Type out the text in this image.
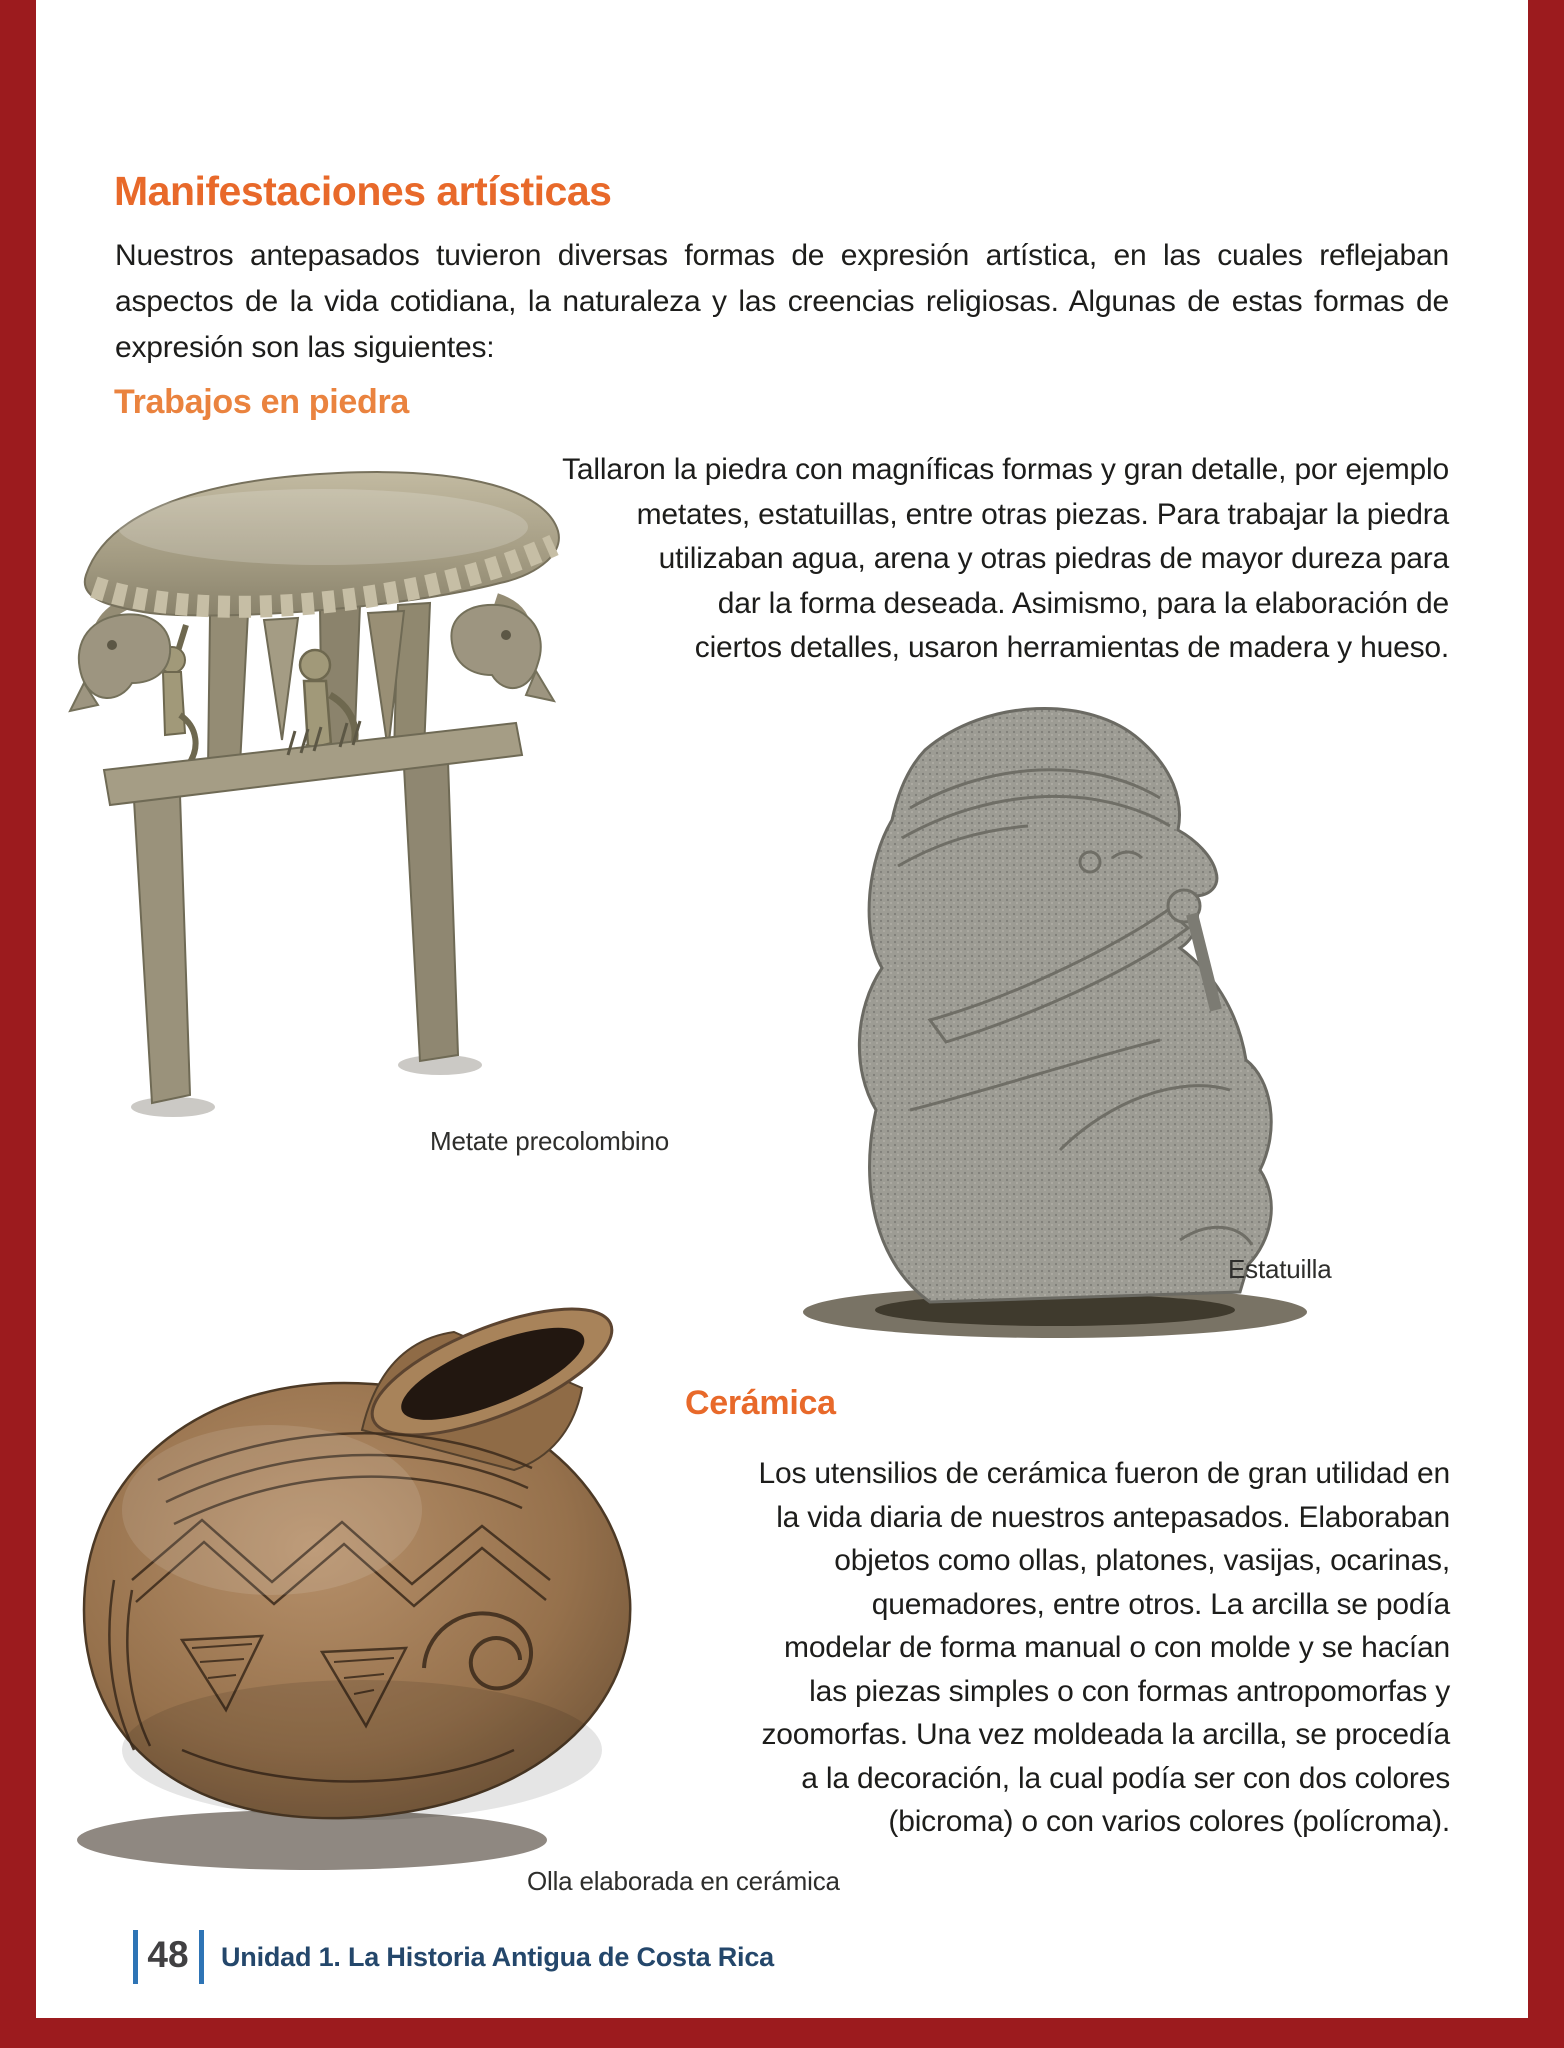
Manifestaciones artísticas
Nuestros antepasados tuvieron diversas formas de expresión artística, en las cuales reflejaban
aspectos de la vida cotidiana, la naturaleza y las creencias religiosas. Algunas de estas formas de
expresión son las siguientes:
Trabajos en piedra
Tallaron la piedra con magníficas formas y gran detalle, por ejemplo
metates, estatuillas, entre otras piezas. Para trabajar la piedra
utilizaban agua, arena y otras piedras de mayor dureza para
dar la forma deseada. Asimismo, para la elaboración de
ciertos detalles, usaron herramientas de madera y hueso.
Metate precolombino
Estatuilla
Cerámica
Los utensilios de cerámica fueron de gran utilidad en
la vida diaria de nuestros antepasados. Elaboraban
objetos como ollas, platones, vasijas, ocarinas,
quemadores, entre otros. La arcilla se podía
modelar de forma manual o con molde y se hacían
las piezas simples o con formas antropomorfas y
zoomorfas. Una vez moldeada la arcilla, se procedía
a la decoración, la cual podía ser con dos colores
(bicroma) o con varios colores (polícroma).
Olla elaborada en cerámica
48	Unidad 1. La Historia Antigua de Costa Rica
